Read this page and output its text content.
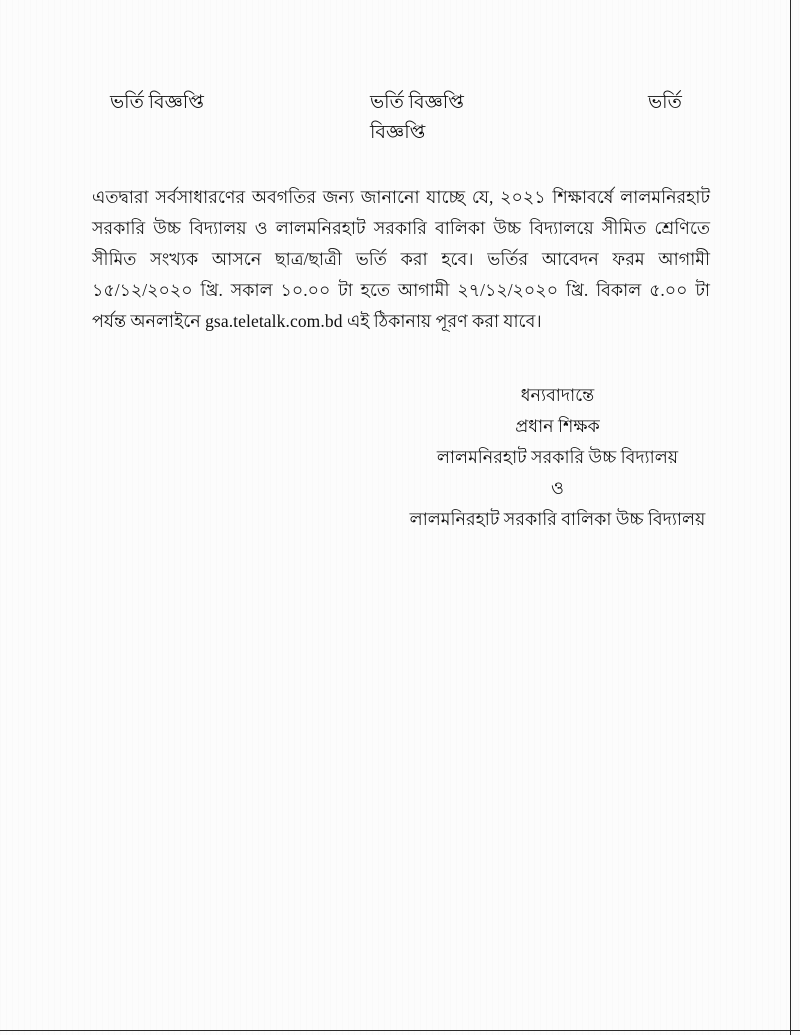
ভর্তি বিজ্ঞপ্তি	ভর্তি বিজ্ঞপ্তি বিজ্ঞপ্তি
ভর্তি
এতদ্বারা সর্বসাধারণের অবগতির জন্য জানানো যাচ্ছে যে, ২০২১ শিক্ষাবর্ষে লালমনিরহাট সরকারি উচ্চ বিদ্যালয় ও লালমনিরহাট সরকারি বালিকা উচ্চ বিদ্যালয়ে সীমিত শ্রেণিতে সীমিত সংখ্যক আসনে ছাত্র/ছাত্রী ভর্তি করা হবে। ভর্তির আবেদন ফরম আগামী ১৫/১২/২০২০ খ্রি. সকাল ১০.০০ টা হতে আগামী ২৭/১২/২০২০ খ্রি. বিকাল ৫.০০ টা পর্যন্ত অনলাইনে gsa.teletalk.com.bd এই ঠিকানায় পূরণ করা যাবে।
ধন্যবাদান্তে
প্রধান শিক্ষক
লালমনিরহাট সরকারি উচ্চ বিদ্যালয়
ও
লালমনিরহাট সরকারি বালিকা উচ্চ বিদ্যালয়
